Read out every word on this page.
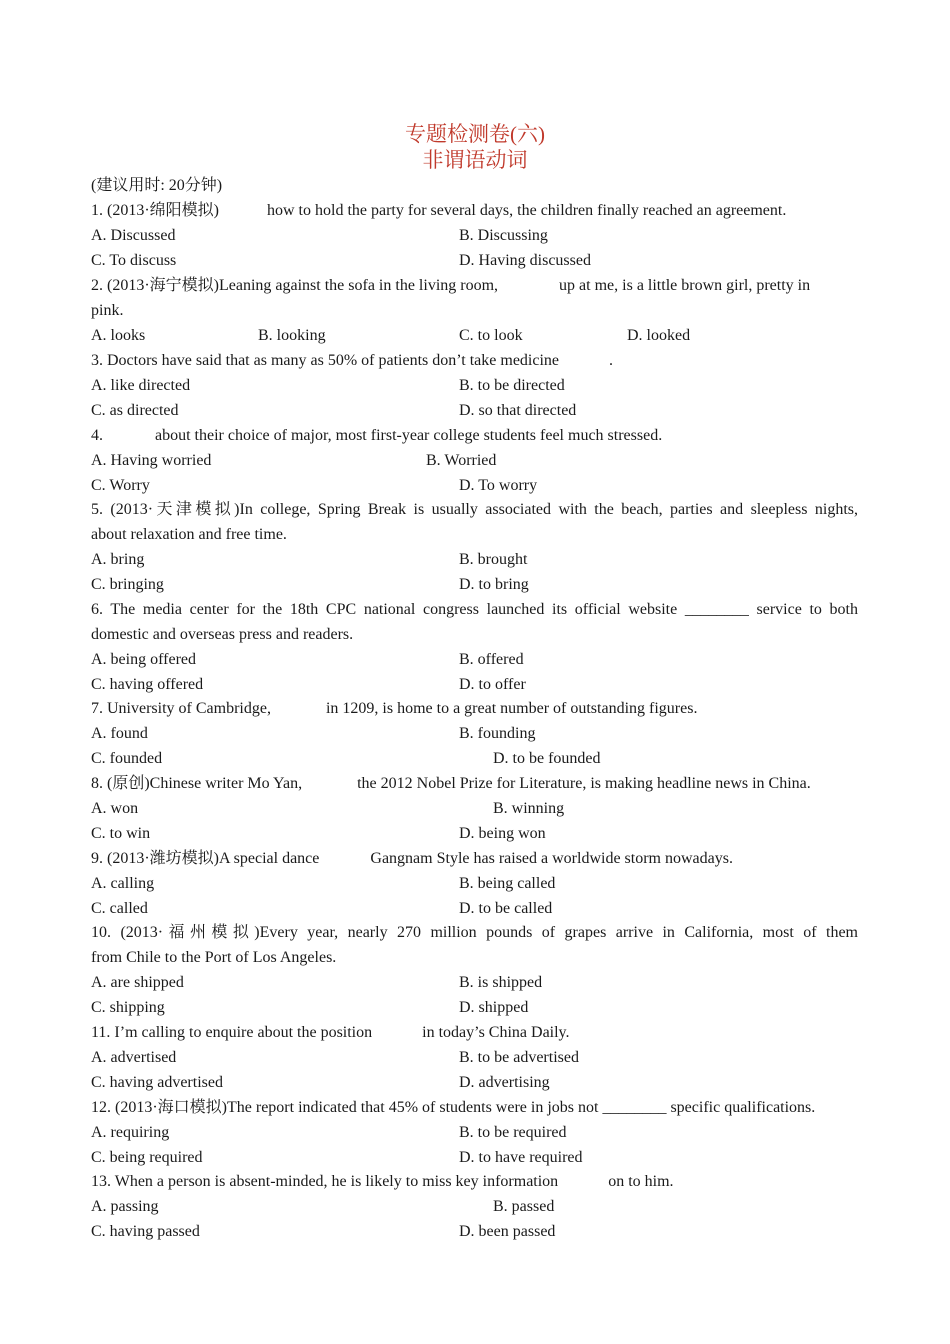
专题检测卷(六)
非谓语动词
(建议用时: 20分钟)
1. (2013·绵阳模拟)	how to hold the party for several days, the children finally reached an agreement.
A. Discussed	B. Discussing
C. To discuss	D. Having discussed
2. (2013·海宁模拟)Leaning against the sofa in the living room,	up at me, is a little brown girl, pretty in
pink.
A. looks	B. looking	C. to look	D. looked
3. Doctors have said that as many as 50% of patients don’t take medicine	.
A. like directed	B. to be directed
C. as directed	D. so that directed
4.	about their choice of major, most first-year college students feel much stressed.
A. Having worried	B. Worried
C. Worry	D. To worry
5. (2013·天津模拟)In college, Spring Break is usually associated with the beach, parties and sleepless nights,
about relaxation and free time.
A. bring	B. brought
C. bringing	D. to bring
6. The media center for the 18th CPC national congress launched its official website ________ service to both
domestic and overseas press and readers.
A. being offered	B. offered
C. having offered	D. to offer
7. University of Cambridge,	in 1209, is home to a great number of outstanding figures.
A. found	B. founding
C. founded	D. to be founded
8. (原创)Chinese writer Mo Yan,	the 2012 Nobel Prize for Literature, is making headline news in China.
A. won	B. winning
C. to win	D. being won
9. (2013·潍坊模拟)A special dance	Gangnam Style has raised a worldwide storm nowadays.
A. calling	B. being called
C. called	D. to be called
10. (2013·福州模拟)Every year, nearly 270 million pounds of grapes arrive in California, most of them
from Chile to the Port of Los Angeles.
A. are shipped	B. is shipped
C. shipping	D. shipped
11. I’m calling to enquire about the position	in today’s China Daily.
A. advertised	B. to be advertised
C. having advertised	D. advertising
12. (2013·海口模拟)The report indicated that 45% of students were in jobs not ________ specific qualifications.
A. requiring	B. to be required
C. being required	D. to have required
13. When a person is absent-minded, he is likely to miss key information	on to him.
A. passing	B. passed
C. having passed	D. been passed
